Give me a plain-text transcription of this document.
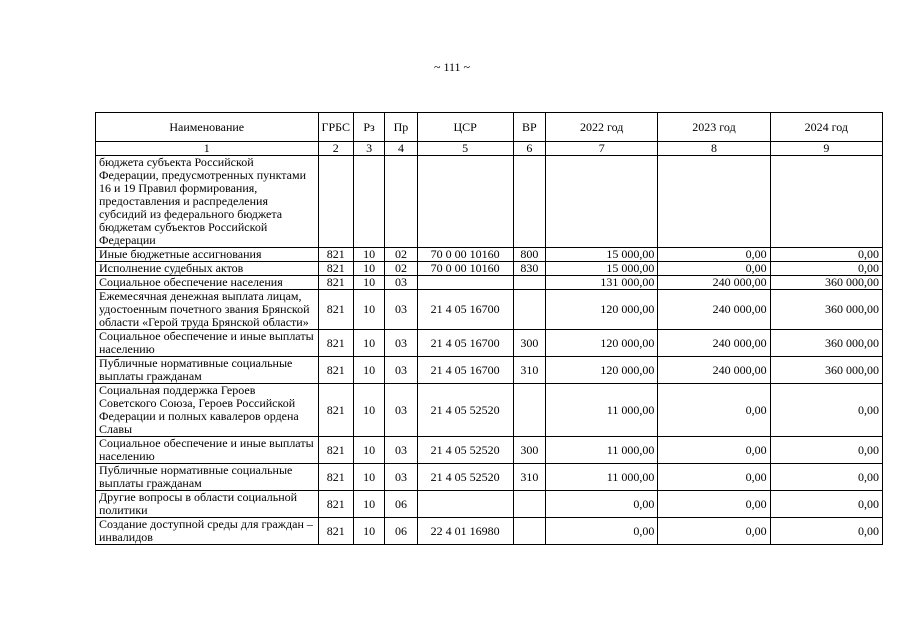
~ 111 ~
Наименование	ГРБС	Рз	Пр	ЦСР	ВР	2022 год	2023 год	2024 год
1	2	3	4	5	6	7	8	9
бюджета субъекта Российской Федерации, предусмотренных пунктами 16 и 19 Правил формирования, предоставления и распределения субсидий из федерального бюджета бюджетам субъектов Российской Федерации								
Иные бюджетные ассигнования	821	10	02	70 0 00 10160	800	15 000,00	0,00	0,00
Исполнение судебных актов	821	10	02	70 0 00 10160	830	15 000,00	0,00	0,00
Социальное обеспечение населения	821	10	03			131 000,00	240 000,00	360 000,00
Ежемесячная денежная выплата лицам, удостоенным почетного звания Брянской области «Герой труда Брянской области»	821	10	03	21 4 05 16700		120 000,00	240 000,00	360 000,00
Социальное обеспечение и иные выплаты населению	821	10	03	21 4 05 16700	300	120 000,00	240 000,00	360 000,00
Публичные нормативные социальные выплаты гражданам	821	10	03	21 4 05 16700	310	120 000,00	240 000,00	360 000,00
Социальная поддержка Героев Советского Союза, Героев Российской Федерации и полных кавалеров ордена Славы	821	10	03	21 4 05 52520		11 000,00	0,00	0,00
Социальное обеспечение и иные выплаты населению	821	10	03	21 4 05 52520	300	11 000,00	0,00	0,00
Публичные нормативные социальные выплаты гражданам	821	10	03	21 4 05 52520	310	11 000,00	0,00	0,00
Другие вопросы в области социальной политики	821	10	06			0,00	0,00	0,00
Создание доступной среды для граждан – инвалидов	821	10	06	22 4 01 16980		0,00	0,00	0,00
